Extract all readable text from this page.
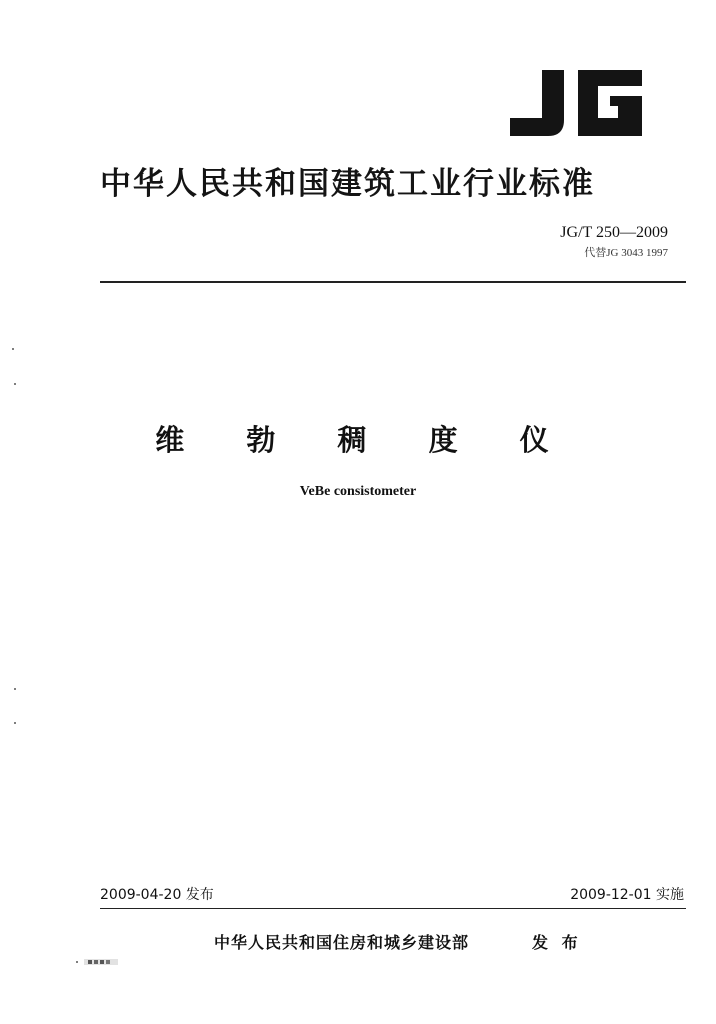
中华人民共和国建筑工业行业标准
JG/T 250—2009
代替JG 3043 1997
维 勃 稠 度 仪
VeBe consistometer
2009-04-20 发布	2009-12-01 实施
中华人民共和国住房和城乡建设部	发 布
